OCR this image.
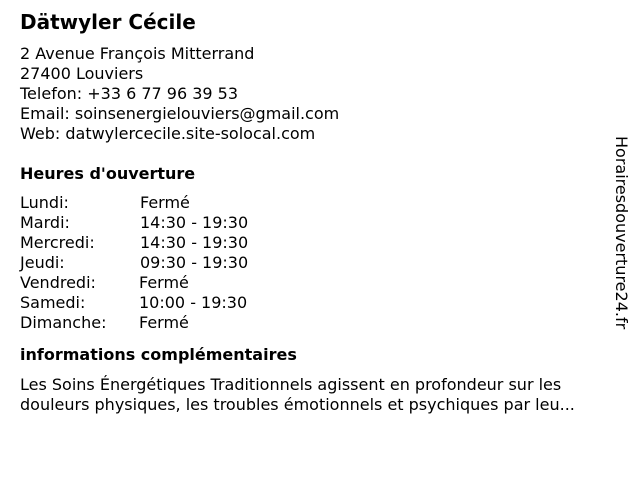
Dätwyler Cécile
2 Avenue François Mitterrand
27400 Louviers
Telefon: +33 6 77 96 39 53
Email: soinsenergielouviers@gmail.com
Web: datwylercecile.site-solocal.com
Heures d'ouverture
Lundi:	Fermé
Mardi:	14:30 - 19:30
Mercredi:	14:30 - 19:30
Jeudi:	09:30 - 19:30
Vendredi:	Fermé
Samedi:	10:00 - 19:30
Dimanche:	Fermé
informations complémentaires
Les Soins Énergétiques Traditionnels agissent en profondeur sur les douleurs physiques, les troubles émotionnels et psychiques par leu...
Horairesdouverture24.fr
